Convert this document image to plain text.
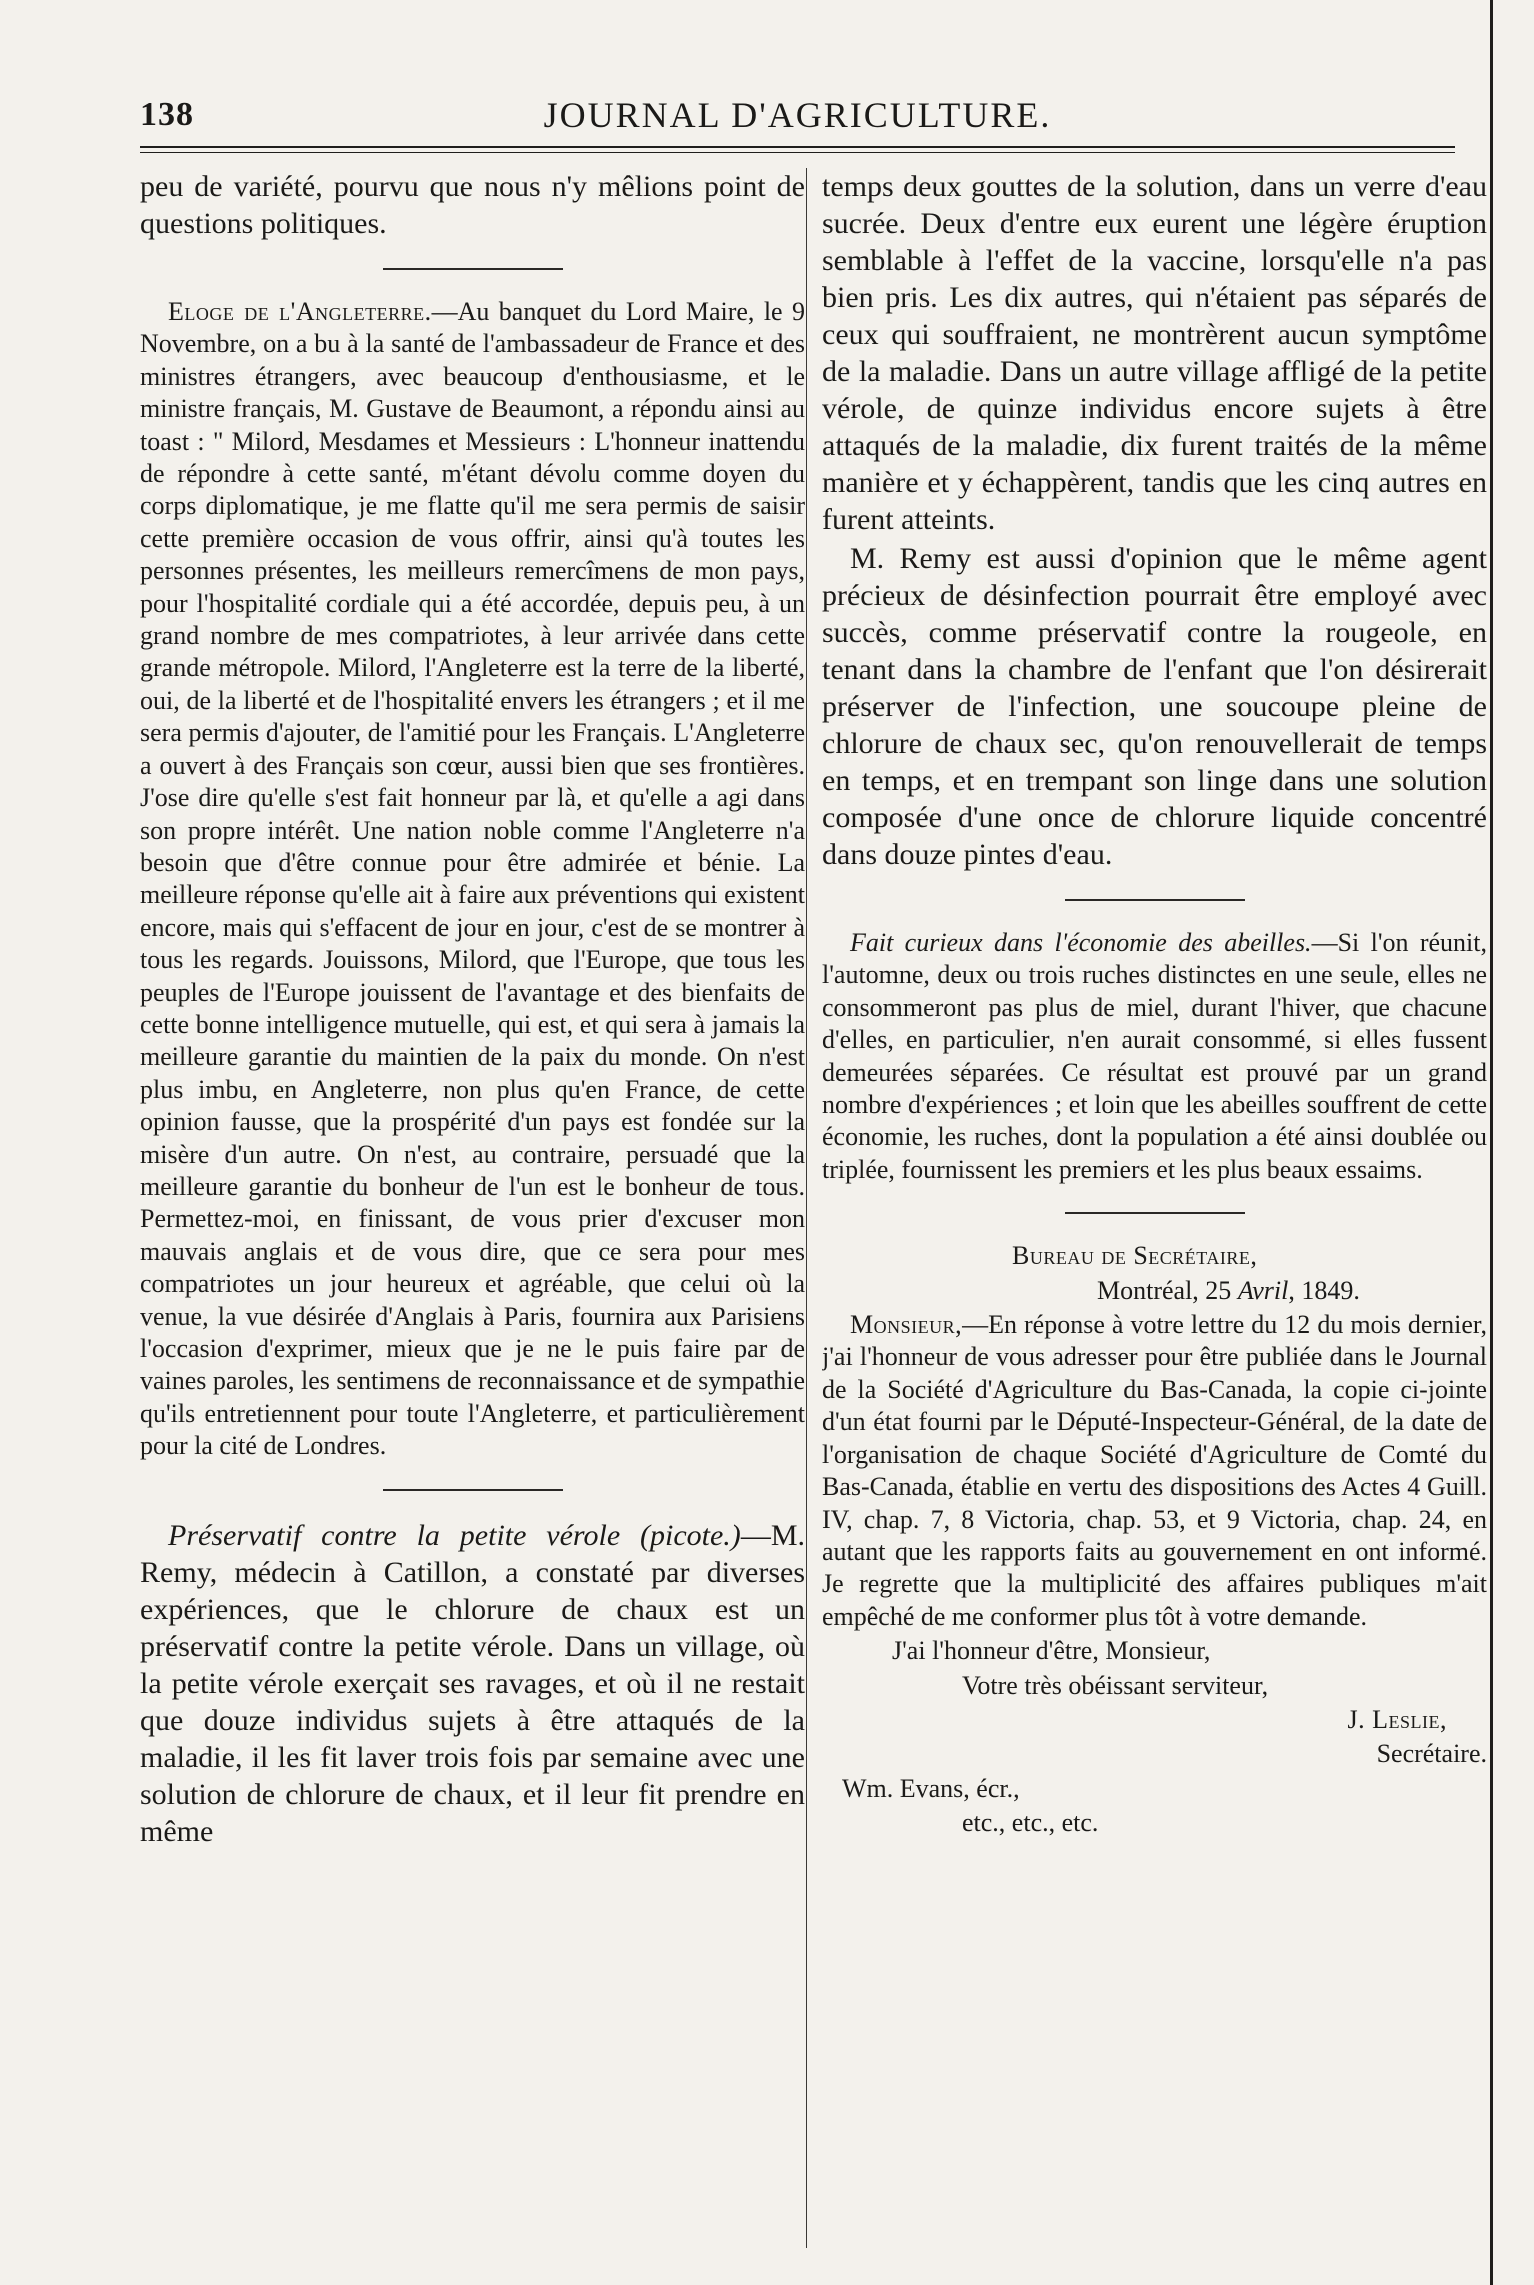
138	JOURNAL D'AGRICULTURE.

peu de variété, pourvu que nous n'y mêlions point de questions politiques.

Eloge de l'Angleterre.—Au banquet du Lord Maire, le 9 Novembre, on a bu à la santé de l'ambassadeur de France et des ministres étrangers, avec beaucoup d'enthousiasme, et le ministre français, M. Gustave de Beaumont, a répondu ainsi au toast : " Milord, Mesdames et Messieurs : L'honneur inattendu de répondre à cette santé, m'étant dévolu comme doyen du corps diplomatique, je me flatte qu'il me sera permis de saisir cette première occasion de vous offrir, ainsi qu'à toutes les personnes présentes, les meilleurs remercîmens de mon pays, pour l'hospitalité cordiale qui a été accordée, depuis peu, à un grand nombre de mes compatriotes, à leur arrivée dans cette grande métropole. Milord, l'Angleterre est la terre de la liberté, oui, de la liberté et de l'hospitalité envers les étrangers ; et il me sera permis d'ajouter, de l'amitié pour les Français. L'Angleterre a ouvert à des Français son cœur, aussi bien que ses frontières. J'ose dire qu'elle s'est fait honneur par là, et qu'elle a agi dans son propre intérêt. Une nation noble comme l'Angleterre n'a besoin que d'être connue pour être admirée et bénie. La meilleure réponse qu'elle ait à faire aux préventions qui existent encore, mais qui s'effacent de jour en jour, c'est de se montrer à tous les regards. Jouissons, Milord, que l'Europe, que tous les peuples de l'Europe jouissent de l'avantage et des bienfaits de cette bonne intelligence mutuelle, qui est, et qui sera à jamais la meilleure garantie du maintien de la paix du monde. On n'est plus imbu, en Angleterre, non plus qu'en France, de cette opinion fausse, que la prospérité d'un pays est fondée sur la misère d'un autre. On n'est, au contraire, persuadé que la meilleure garantie du bonheur de l'un est le bonheur de tous. Permettez-moi, en finissant, de vous prier d'excuser mon mauvais anglais et de vous dire, que ce sera pour mes compatriotes un jour heureux et agréable, que celui où la venue, la vue désirée d'Anglais à Paris, fournira aux Parisiens l'occasion d'exprimer, mieux que je ne le puis faire par de vaines paroles, les sentimens de reconnaissance et de sympathie qu'ils entretiennent pour toute l'Angleterre, et particulièrement pour la cité de Londres.

Préservatif contre la petite vérole (picote.)—M. Remy, médecin à Catillon, a constaté par diverses expériences, que le chlorure de chaux est un préservatif contre la petite vérole. Dans un village, où la petite vérole exerçait ses ravages, et où il ne restait que douze individus sujets à être attaqués de la maladie, il les fit laver trois fois par semaine avec une solution de chlorure de chaux, et il leur fit prendre en même

temps deux gouttes de la solution, dans un verre d'eau sucrée. Deux d'entre eux eurent une légère éruption semblable à l'effet de la vaccine, lorsqu'elle n'a pas bien pris. Les dix autres, qui n'étaient pas séparés de ceux qui souffraient, ne montrèrent aucun symptôme de la maladie. Dans un autre village affligé de la petite vérole, de quinze individus encore sujets à être attaqués de la maladie, dix furent traités de la même manière et y échappèrent, tandis que les cinq autres en furent atteints.

M. Remy est aussi d'opinion que le même agent précieux de désinfection pourrait être employé avec succès, comme préservatif contre la rougeole, en tenant dans la chambre de l'enfant que l'on désirerait préserver de l'infection, une soucoupe pleine de chlorure de chaux sec, qu'on renouvellerait de temps en temps, et en trempant son linge dans une solution composée d'une once de chlorure liquide concentré dans douze pintes d'eau.

Fait curieux dans l'économie des abeilles.—Si l'on réunit, l'automne, deux ou trois ruches distinctes en une seule, elles ne consommeront pas plus de miel, durant l'hiver, que chacune d'elles, en particulier, n'en aurait consommé, si elles fussent demeurées séparées. Ce résultat est prouvé par un grand nombre d'expériences ; et loin que les abeilles souffrent de cette économie, les ruches, dont la population a été ainsi doublée ou triplée, fournissent les premiers et les plus beaux essaims.

Bureau de Secrétaire,

Montréal, 25 Avril, 1849.

Monsieur,—En réponse à votre lettre du 12 du mois dernier, j'ai l'honneur de vous adresser pour être publiée dans le Journal de la Société d'Agriculture du Bas-Canada, la copie ci-jointe d'un état fourni par le Député-Inspecteur-Général, de la date de l'organisation de chaque Société d'Agriculture de Comté du Bas-Canada, établie en vertu des dispositions des Actes 4 Guill. IV, chap. 7, 8 Victoria, chap. 53, et 9 Victoria, chap. 24, en autant que les rapports faits au gouvernement en ont informé. Je regrette que la multiplicité des affaires publiques m'ait empêché de me conformer plus tôt à votre demande.

J'ai l'honneur d'être, Monsieur,

Votre très obéissant serviteur,

J. Leslie,

Secrétaire.

Wm. Evans, écr.,

etc., etc., etc.
